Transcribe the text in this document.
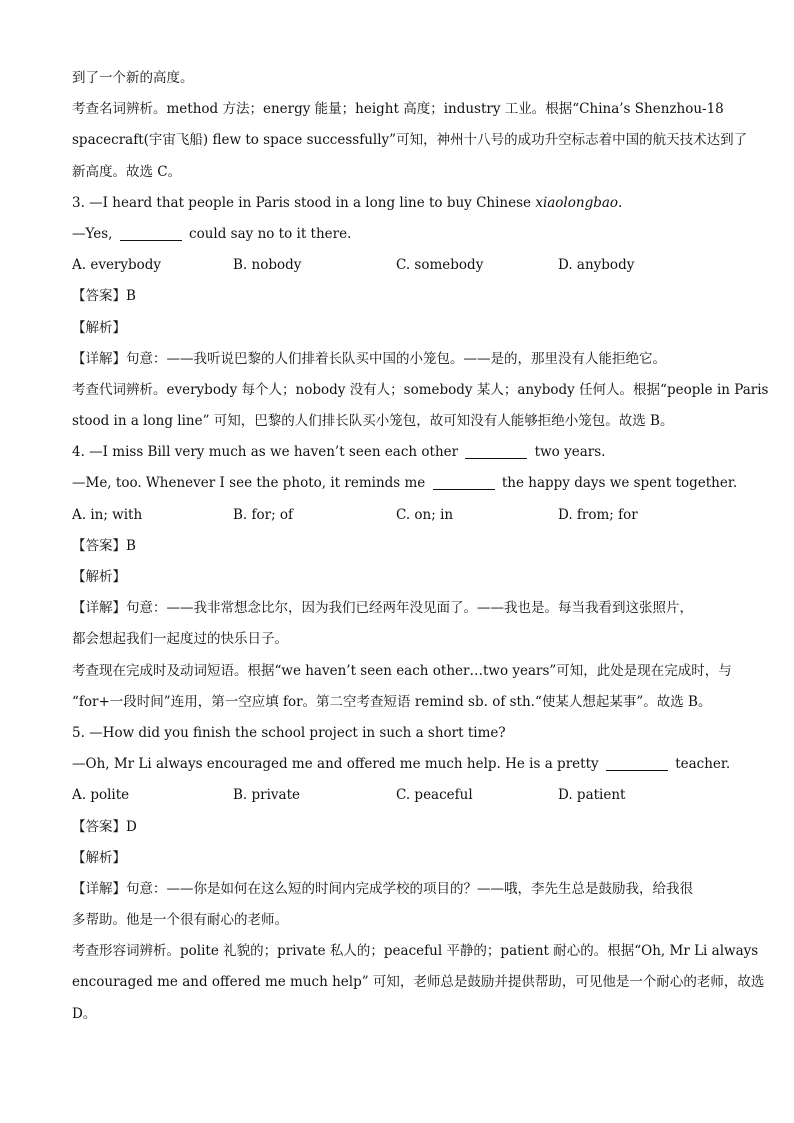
到了一个新的高度。
考查名词辨析。method 方法；energy 能量；height 高度；industry 工业。根据“China’s Shenzhou-18
spacecraft(宇宙飞船) flew to space successfully”可知，神州十八号的成功升空标志着中国的航天技术达到了
新高度。故选 C。
3. —I heard that people in Paris stood in a long line to buy Chinese xiaolongbao.
—Yes,	could say no to it there.
A. everybody	B. nobody	C. somebody	D. anybody
【答案】B
【解析】
【详解】句意：——我听说巴黎的人们排着长队买中国的小笼包。——是的，那里没有人能拒绝它。
考查代词辨析。everybody 每个人；nobody 没有人；somebody 某人；anybody 任何人。根据“people in Paris
stood in a long line” 可知，巴黎的人们排长队买小笼包，故可知没有人能够拒绝小笼包。故选 B。
4. —I miss Bill very much as we haven’t seen each other	two years.
—Me, too. Whenever I see the photo, it reminds me	the happy days we spent together.
A. in; with	B. for; of	C. on; in	D. from; for
【答案】B
【解析】
【详解】句意：——我非常想念比尔，因为我们已经两年没见面了。——我也是。每当我看到这张照片，
都会想起我们一起度过的快乐日子。
考查现在完成时及动词短语。根据“we haven’t seen each other…two years”可知，此处是现在完成时，与
“for+一段时间”连用，第一空应填 for。第二空考查短语 remind sb. of sth.“使某人想起某事”。故选 B。
5. —How did you finish the school project in such a short time?
—Oh, Mr Li always encouraged me and offered me much help. He is a pretty	teacher.
A. polite	B. private	C. peaceful	D. patient
【答案】D
【解析】
【详解】句意：——你是如何在这么短的时间内完成学校的项目的？——哦，李先生总是鼓励我，给我很
多帮助。他是一个很有耐心的老师。
考查形容词辨析。polite 礼貌的；private 私人的；peaceful 平静的；patient 耐心的。根据“Oh, Mr Li always
encouraged me and offered me much help” 可知，老师总是鼓励并提供帮助，可见他是一个耐心的老师，故选
D。
